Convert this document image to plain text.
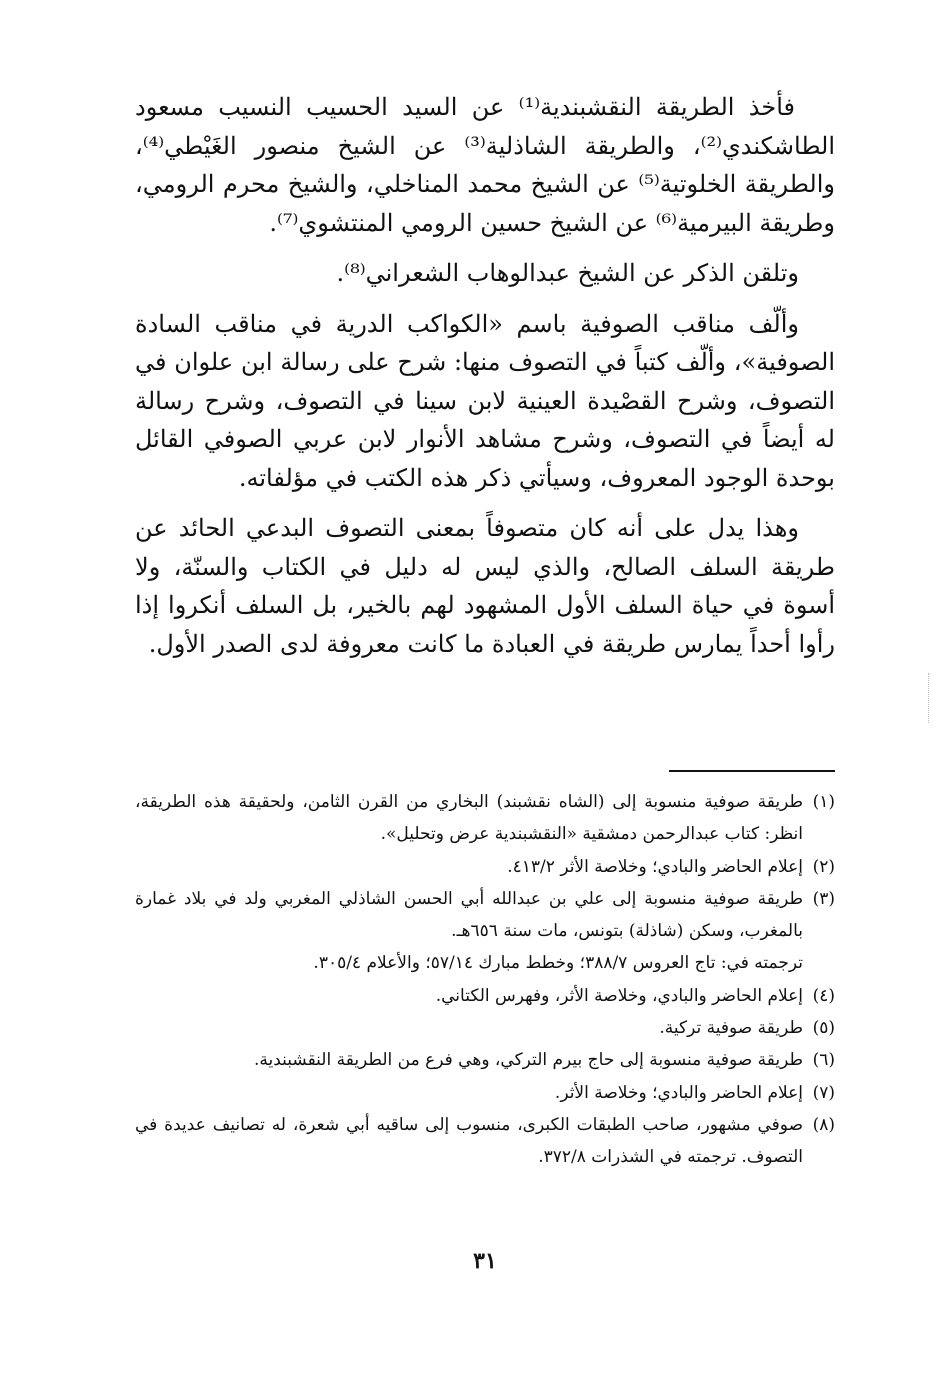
فأخذ الطريقة النقشبندية⁽¹⁾ عن السيد الحسيب النسيب مسعود الطاشكندي⁽²⁾، والطريقة الشاذلية⁽³⁾ عن الشيخ منصور الغَيْطي⁽⁴⁾، والطريقة الخلوتية⁽⁵⁾ عن الشيخ محمد المناخلي، والشيخ محرم الرومي، وطريقة البيرمية⁽⁶⁾ عن الشيخ حسين الرومي المنتشوي⁽⁷⁾.

وتلقن الذكر عن الشيخ عبدالوهاب الشعراني⁽⁸⁾.

وألّف مناقب الصوفية باسم «الكواكب الدرية في مناقب السادة الصوفية»، وألّف كتباً في التصوف منها: شرح على رسالة ابن علوان في التصوف، وشرح القصْيدة العينية لابن سينا في التصوف، وشرح رسالة له أيضاً في التصوف، وشرح مشاهد الأنوار لابن عربي الصوفي القائل بوحدة الوجود المعروف، وسيأتي ذكر هذه الكتب في مؤلفاته.

وهذا يدل على أنه كان متصوفاً بمعنى التصوف البدعي الحائد عن طريقة السلف الصالح، والذي ليس له دليل في الكتاب والسنّة، ولا أسوة في حياة السلف الأول المشهود لهم بالخير، بل السلف أنكروا إذا رأوا أحداً يمارس طريقة في العبادة ما كانت معروفة لدى الصدر الأول.

(١)
طريقة صوفية منسوبة إلى (الشاه نقشبند) البخاري من القرن الثامن، ولحقيقة هذه الطريقة، انظر: كتاب عبدالرحمن دمشقية «النقشبندية عرض وتحليل».
(٢)
إعلام الحاضر والبادي؛ وخلاصة الأثر ٤١٣/٢.
(٣)
طريقة صوفية منسوبة إلى علي بن عبدالله أبي الحسن الشاذلي المغربي ولد في بلاد غمارة بالمغرب، وسكن (شاذلة) بتونس، مات سنة ٦٥٦هـ.
ترجمته في: تاج العروس ٣٨٨/٧؛ وخطط مبارك ٥٧/١٤؛ والأعلام ٣٠٥/٤.
(٤)
إعلام الحاضر والبادي، وخلاصة الأثر، وفهرس الكتاني.
(٥)
طريقة صوفية تركية.
(٦)
طريقة صوفية منسوبة إلى حاج بيرم التركي، وهي فرع من الطريقة النقشبندية.
(٧)
إعلام الحاضر والبادي؛ وخلاصة الأثر.
(٨)
صوفي مشهور، صاحب الطبقات الكبرى، منسوب إلى ساقيه أبي شعرة، له تصانيف عديدة في التصوف. ترجمته في الشذرات ٣٧٢/٨.
٣١
